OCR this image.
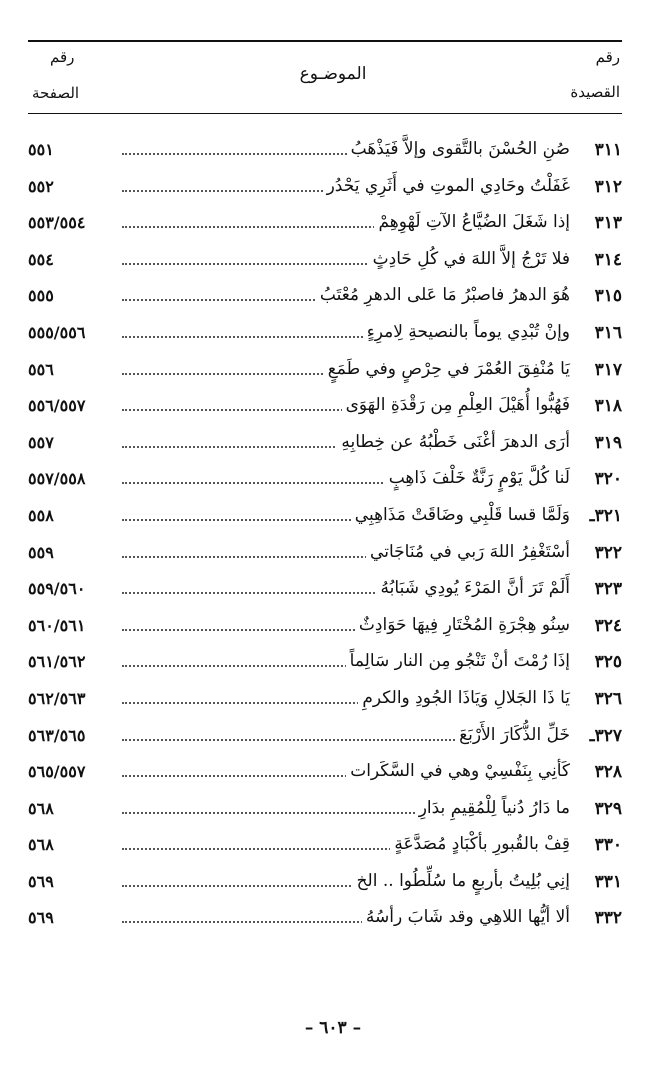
رقم
القصيدة
الموضـوع
رقم
الصفحة
٣١١
صُنِ الحُسْنَ بالتَّقوى وإلاَّ فَيَذْهَبُ
٥٥١
٣١٢
غَفَلْتُ وحَادِي الموتِ في أَثَرِي يَحْدُر
٥٥٢
٣١٣
إذا شَغَلَ الضُيَّاعُ الآتِ لَهْوِهِمْ
٥٥٣/٥٥٤
٣١٤
فلا تَرْجُ إلاَّ اللهَ في كُلِ حَادِثٍ
٥٥٤
٣١٥
هُوَ الدهرُ فاصبْرُ مَا عَلى الدهرِ مُعْتَبُ
٥٥٥
٣١٦
وإنْ تُبْدِي يوماً بالنصيحةِ لِامرِءٍ
٥٥٥/٥٥٦
٣١٧
يَا مُنْفِقَ العُمْرَ في حِرْصٍ وفي طَمَعٍ
٥٥٦
٣١٨
فَهُبُّوا أُهَيْلَ العِلْمِ مِن رَقْدَةِ الهَوَى
٥٥٦/٥٥٧
٣١٩
أرَى الدهرَ أغْنَى خَطْبُهُ عن خِطابِهِ
٥٥٧
٣٢٠
لَنا كُلَّ يَوْمٍ رَنَّةٌ خَلْفَ ذَاهِبٍ
٥٥٧/٥٥٨
٣٢١ـ
وَلَمَّا قسا قَلْبِي وضَاقَتْ مَذَاهِبِي
٥٥٨
٣٢٢
أسْتَغْفِرُ اللهَ رَبي في مُنَاجَاتي
٥٥٩
٣٢٣
أَلَمْ تَرَ أنَّ المَرْءَ يُودِي شَبَابُهُ
٥٥٩/٥٦٠
٣٢٤
سِنُو هِجْرَةِ المُخْتَارِ فِيهَا حَوَادِثٌ
٥٦٠/٥٦١
٣٢٥
إذَا رُمْتَ أنْ تَنْجُو مِن النار سَالِماً
٥٦١/٥٦٢
٣٢٦
يَا ذَا الجَلالِ وَيَاذَا الجُودِ والكرمِ
٥٦٢/٥٦٣
٣٢٧ـ
خَلِّ الذُّكَارَ الأَرْبَعَ
٥٦٣/٥٦٥
٣٢٨
كَأنِي بِنَفْسِيْ وهي في السَّكَرات
٥٦٥/٥٥٧
٣٢٩
ما دَارُ دُنياً لِلْمُقِيمِ بدَارِ
٥٦٨
٣٣٠
قِفْ بالقُبورِ بأكْبَادٍ مُصَدَّعَةٍ
٥٦٨
٣٣١
إنِي بُلِيتُ بأربعٍ ما سُلِّطُوا .. الخ
٥٦٩
٣٣٢
ألا أيُّها اللاهِي وقد شَابَ رأسُهُ
٥٦٩
– ٦٠٣ –
